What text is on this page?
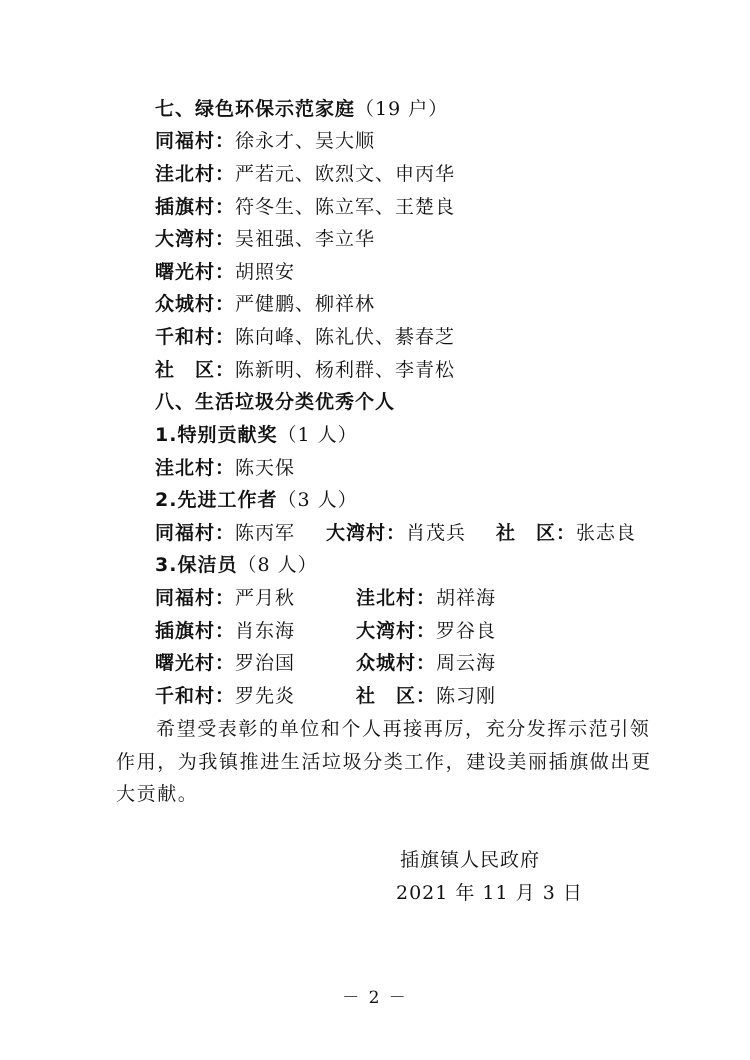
七、绿色环保示范家庭（19 户）
同福村：徐永才、吴大顺
洼北村：严若元、欧烈文、申丙华
插旗村：符冬生、陈立军、王楚良
大湾村：吴祖强、李立华
曙光村：胡照安
众城村：严健鹏、柳祥林
千和村：陈向峰、陈礼伏、綦春芝
社　区：陈新明、杨利群、李青松
八、生活垃圾分类优秀个人
1.特别贡献奖（1 人）
洼北村：陈天保
2.先进工作者（3 人）
同福村：陈丙军 大湾村：肖茂兵 社　区：张志良
3.保洁员（8 人）
同福村：严月秋	洼北村：胡祥海
插旗村：肖东海	大湾村：罗谷良
曙光村：罗治国	众城村：周云海
千和村：罗先炎	社　区：陈习刚

希望受表彰的单位和个人再接再厉，充分发挥示范引领作用，为我镇推进生活垃圾分类工作，建设美丽插旗做出更大贡献。

插旗镇人民政府
2021 年 11 月 3 日
－ 2 －
